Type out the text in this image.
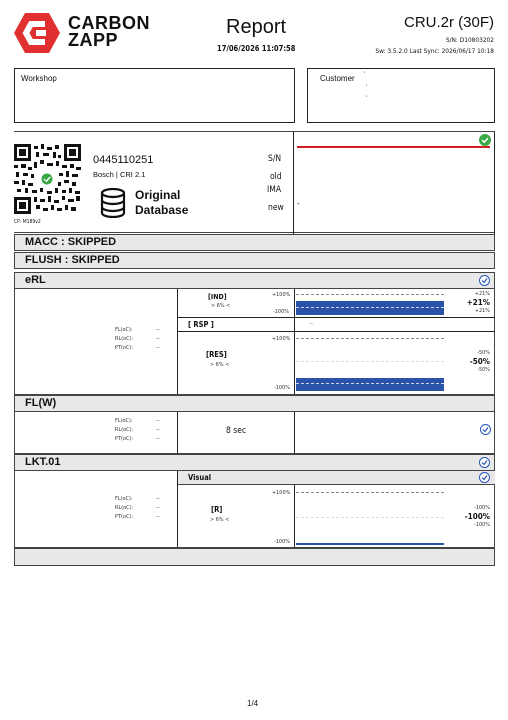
CARBON
ZAPP
Report
17/06/2026 11:07:58
CRU.2r (30F)
S/N: D10803202
Sw: 3.5.2.0 Last Sync: 2026/06/17 10:18
Workshop	Customer '
'
'
CP: M189v2
0445110251
Bosch | CRI 2.1
Original
Database
S/N
old
IMA
new -
MACC : SKIPPED
FLUSH : SKIPPED
eRL
FL(oC):	--
RL(oC):	--
PT(oC):	--
[IND]
> 6% <
+100%
-100%
+21%
+21%
+21%
[ RSP ]	...
[RES]
> 6% <
+100%
-100%
-50%
-50%
-50%
FL(W)
FL(oC):	--
RL(oC):	--
PT(oC):	--
8 sec
LKT.01
Visual
FL(oC):	--
RL(oC):	--
PT(oC):	--
[R]
> 6% <
+100%
-100%
-100%
-100%
-100%
1/4
